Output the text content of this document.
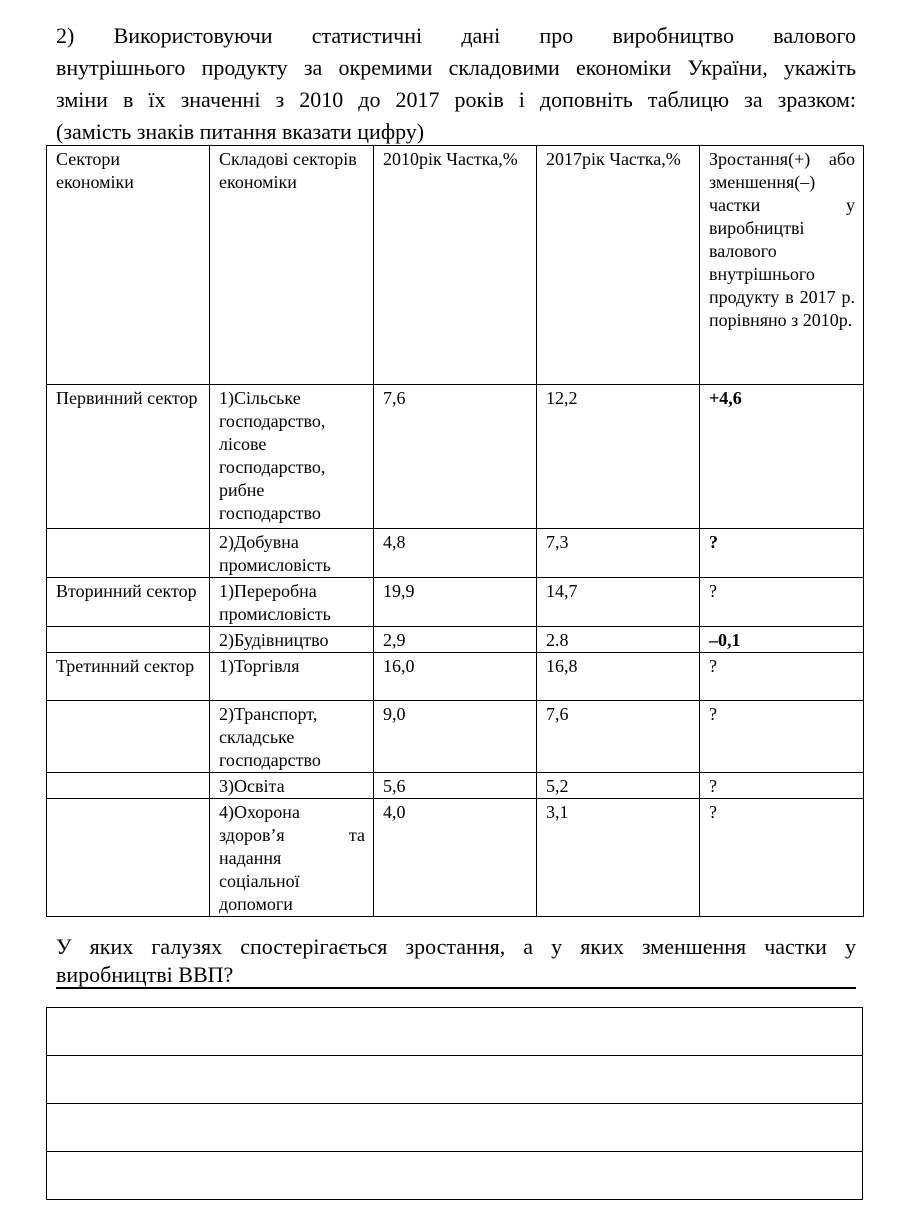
2) Використовуючи статистичні дані про виробництво валового
внутрішнього продукту за окремими складовими економіки України, укажіть
зміни в їх значенні з 2010 до 2017 років і доповніть таблицю за зразком:
(замість знаків питання вказати цифру)
Сектори економіки	Складові секторів економіки	2010рік Частка,%	2017рік Частка,%	Зростання(+) або зменшення(–) частки у виробництві валового внутрішнього продукту в 2017 р. порівняно з 2010р.
Первинний сектор	1)Сільське господарство, лісове господарство, рибне господарство	7,6	12,2	+4,6
	2)Добувна промисловість	4,8	7,3	?
Вторинний сектор	1)Переробна промисловість	19,9	14,7	?
	2)Будівництво	2,9	2.8	–0,1
Третинний сектор	1)Торгівля	16,0	16,8	?
	2)Транспорт, складське господарство	9,0	7,6	?
	3)Освіта	5,6	5,2	?
	4)Охорона здоров’я та надання соціальної допомоги	4,0	3,1	?
У яких галузях спостерігається зростання, а у яких зменшення частки у
виробництві ВВП?
